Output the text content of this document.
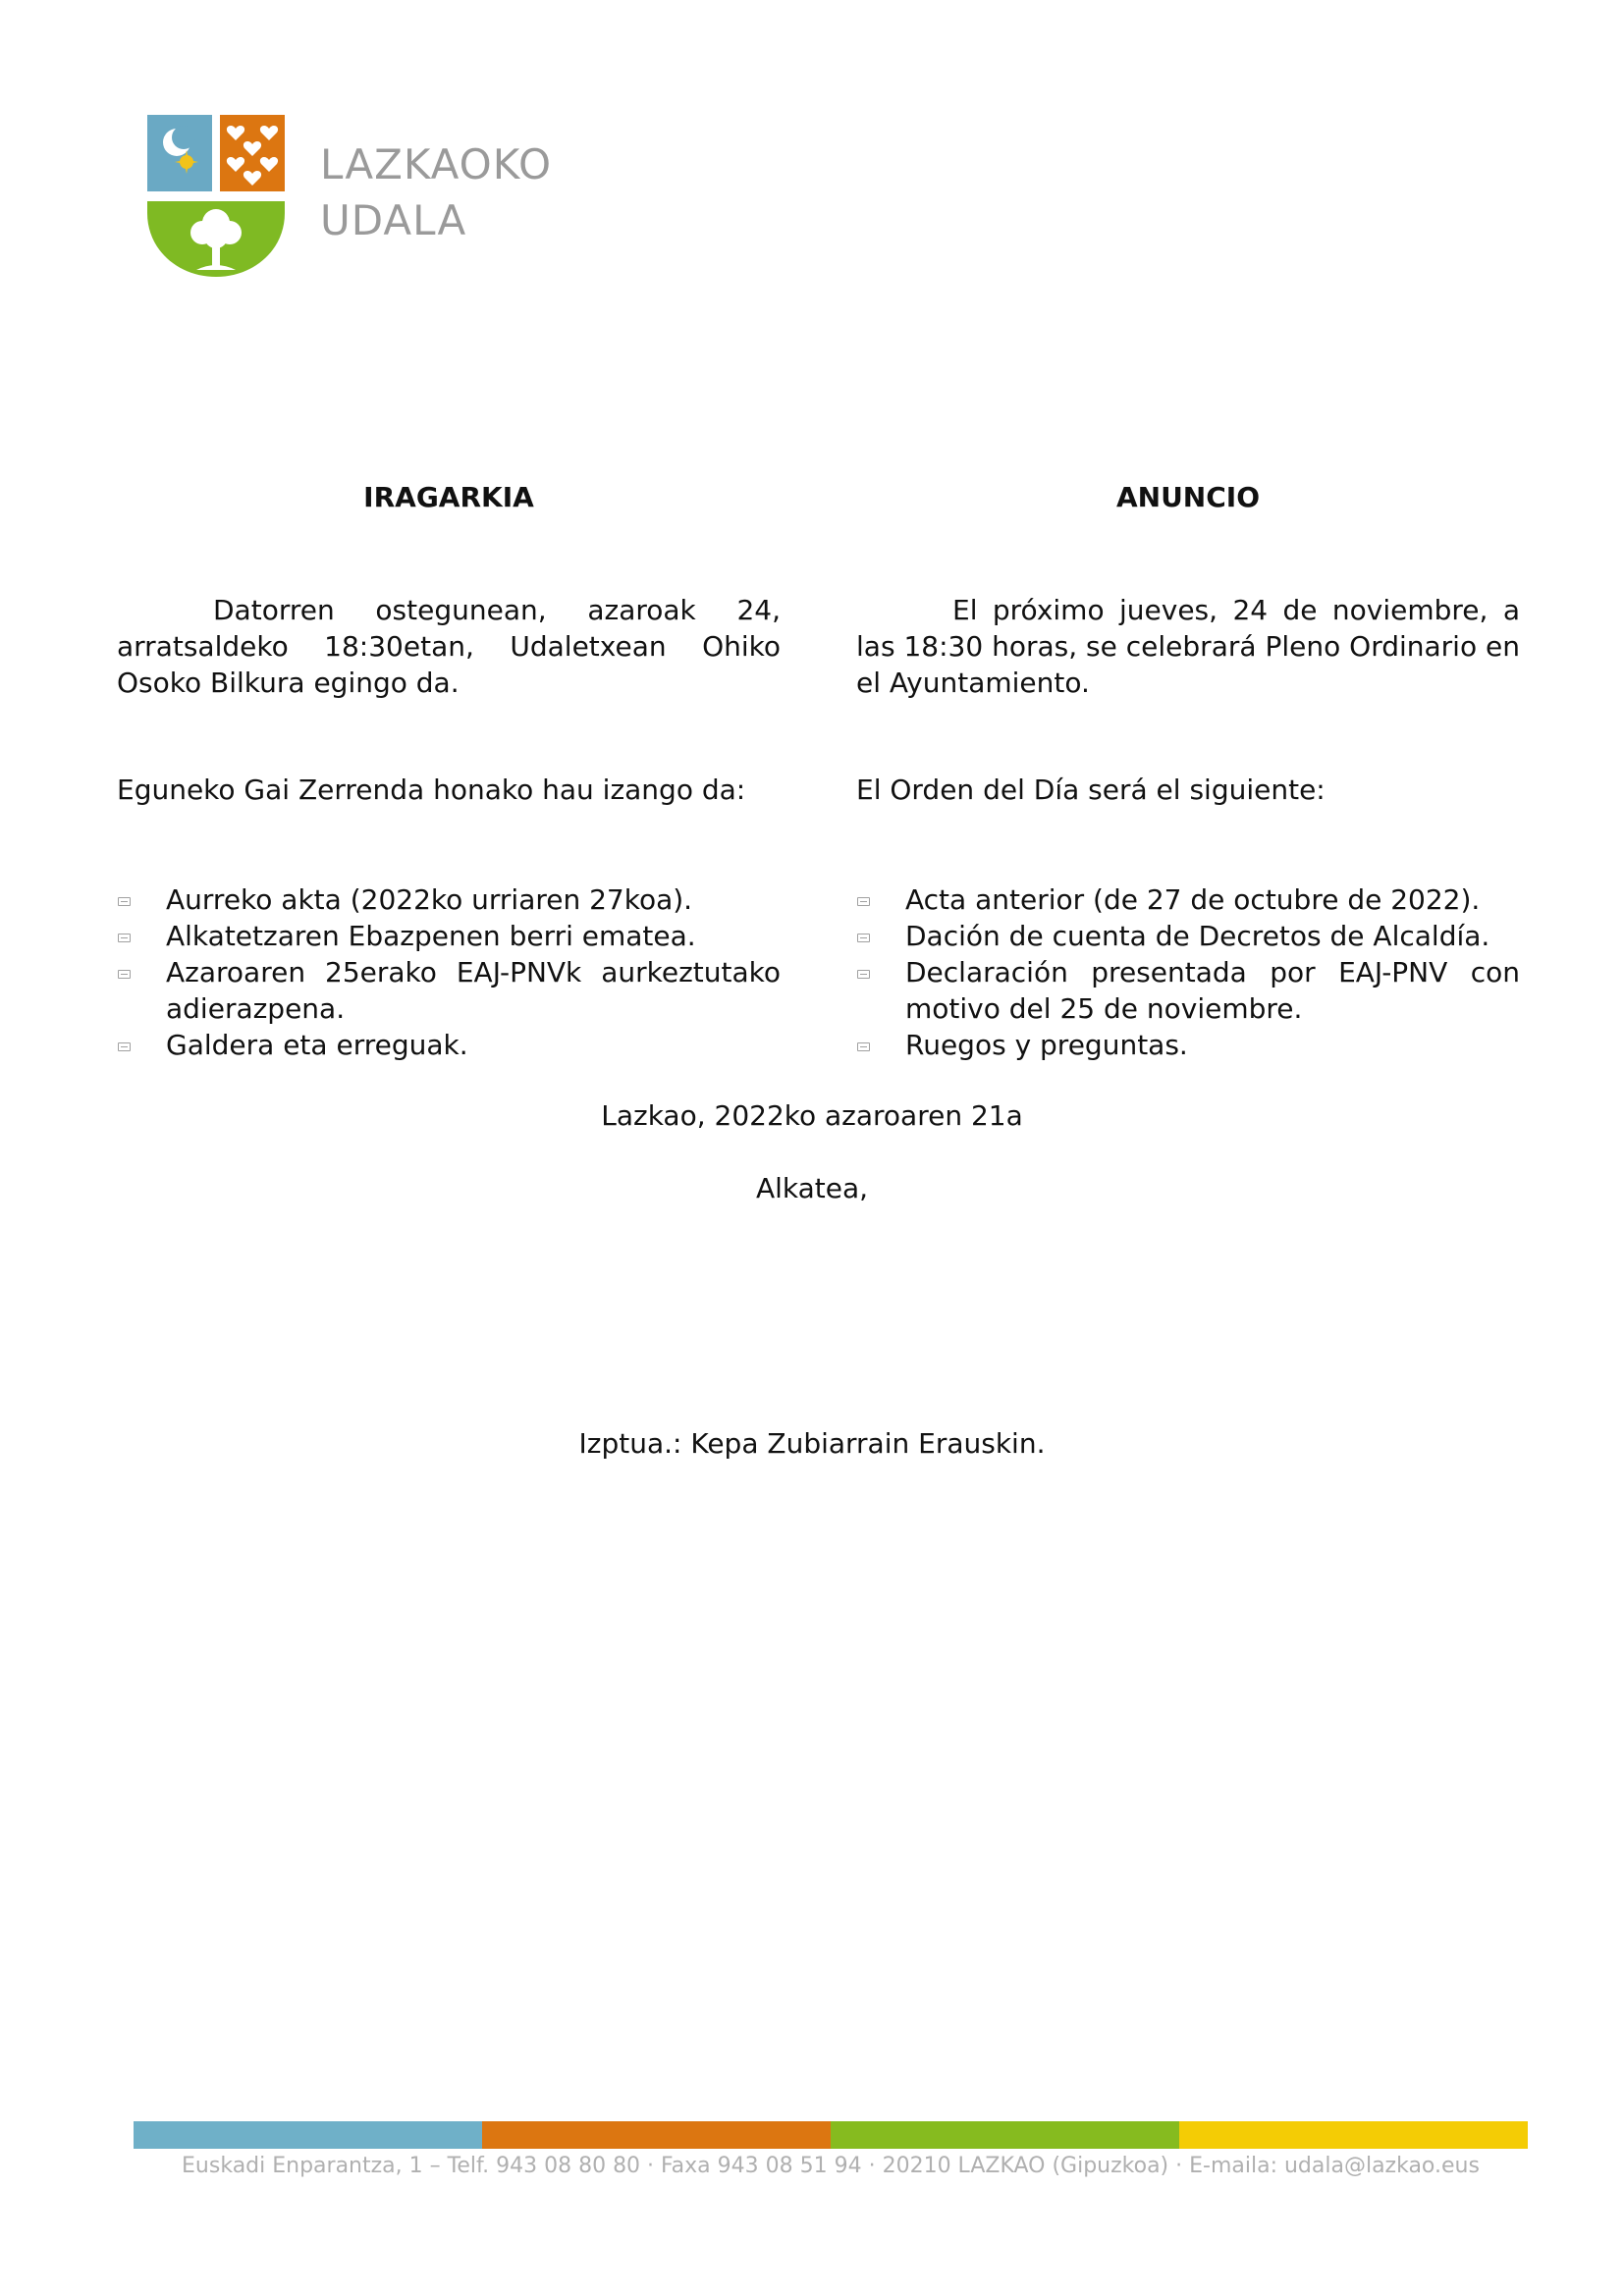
LAZKAOKO
UDALA
IRAGARKIA

Datorren ostegunean, azaroak 24, arratsaldeko 18:30etan, Udaletxean Ohiko Osoko Bilkura egingo da.

Eguneko Gai Zerrenda honako hau izango da:

Aurreko akta (2022ko urriaren 27koa).
Alkatetzaren Ebazpenen berri ematea.
Azaroaren 25erako EAJ-PNVk aurkeztutako adierazpena.
Galdera eta erreguak.
ANUNCIO

El próximo jueves, 24 de noviembre, a las 18:30 horas, se celebrará Pleno Ordinario en el Ayuntamiento.

El Orden del Día será el siguiente:

Acta anterior (de 27 de octubre de 2022).
Dación de cuenta de Decretos de Alcaldía.
Declaración presentada por EAJ-PNV con motivo del 25 de noviembre.
Ruegos y preguntas.
Lazkao, 2022ko azaroaren 21a
Alkatea,
Izptua.: Kepa Zubiarrain Erauskin.
Euskadi Enparantza, 1 – Telf. 943 08 80 80 · Faxa 943 08 51 94 · 20210 LAZKAO (Gipuzkoa) · E-maila: udala@lazkao.eus
